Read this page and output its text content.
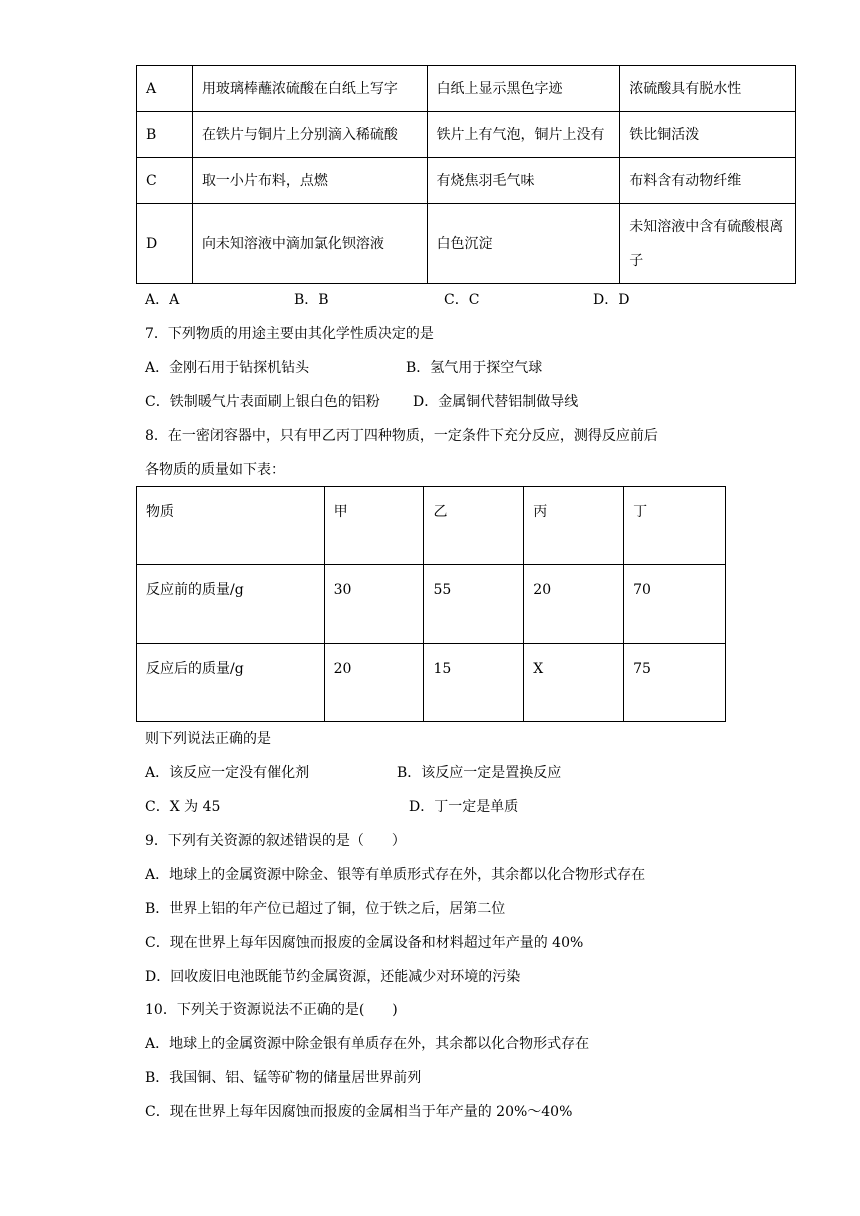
A	用玻璃棒蘸浓硫酸在白纸上写字	白纸上显示黑色字迹	浓硫酸具有脱水性
B	在铁片与铜片上分别滴入稀硫酸	铁片上有气泡，铜片上没有	铁比铜活泼
C	取一小片布料，点燃	有烧焦羽毛气味	布料含有动物纤维
D	向未知溶液中滴加氯化钡溶液	白色沉淀	未知溶液中含有硫酸根离子
A．A	B．B	C．C	D．D
7．下列物质的用途主要由其化学性质决定的是
A．金刚石用于钻探机钻头	B．氢气用于探空气球
C．铁制暖气片表面刷上银白色的铝粉 D．金属铜代替铝制做导线
8．在一密闭容器中，只有甲乙丙丁四种物质，一定条件下充分反应，测得反应前后
各物质的质量如下表：
物质	甲	乙	丙	丁
反应前的质量/g	30	55	20	70
反应后的质量/g	20	15	X	75
则下列说法正确的是
A．该反应一定没有催化剂	B．该反应一定是置换反应
C．X 为 45	D．丁一定是单质
9．下列有关资源的叙述错误的是（　　）
A．地球上的金属资源中除金、银等有单质形式存在外，其余都以化合物形式存在
B．世界上铝的年产位已超过了铜，位于铁之后，居第二位
C．现在世界上每年因腐蚀而报废的金属设备和材料超过年产量的 40%
D．回收废旧电池既能节约金属资源，还能减少对环境的污染
10．下列关于资源说法不正确的是(　　)
A．地球上的金属资源中除金银有单质存在外，其余都以化合物形式存在
B．我国铜、铝、锰等矿物的储量居世界前列
C．现在世界上每年因腐蚀而报废的金属相当于年产量的 20%～40%
